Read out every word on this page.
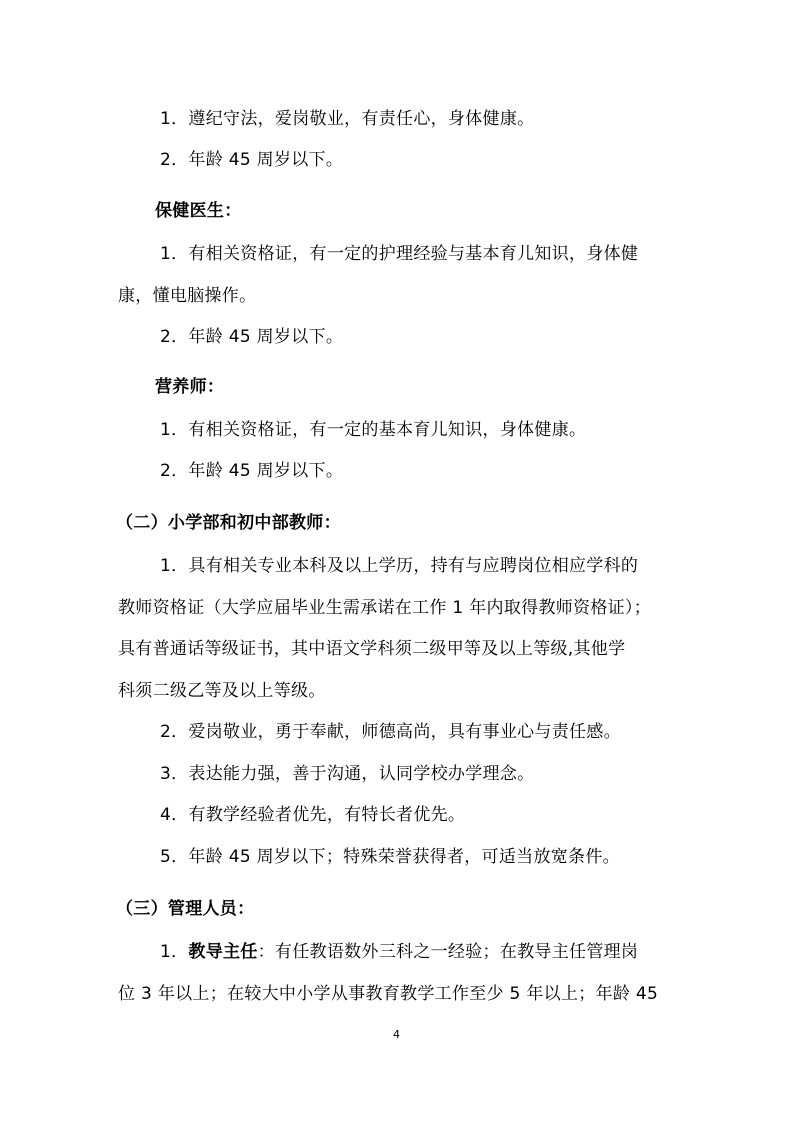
1．遵纪守法，爱岗敬业，有责任心，身体健康。
2．年龄 45 周岁以下。
保健医生：
1．有相关资格证，有一定的护理经验与基本育儿知识，身体健
康，懂电脑操作。
2．年龄 45 周岁以下。
营养师：
1．有相关资格证，有一定的基本育儿知识，身体健康。
2．年龄 45 周岁以下。
（二）小学部和初中部教师：
1．具有相关专业本科及以上学历，持有与应聘岗位相应学科的
教师资格证（大学应届毕业生需承诺在工作 1 年内取得教师资格证）；
具有普通话等级证书，其中语文学科须二级甲等及以上等级,其他学
科须二级乙等及以上等级。
2．爱岗敬业，勇于奉献，师德高尚，具有事业心与责任感。
3．表达能力强，善于沟通，认同学校办学理念。
4．有教学经验者优先，有特长者优先。
5．年龄 45 周岁以下；特殊荣誉获得者，可适当放宽条件。
（三）管理人员：
1．教导主任：有任教语数外三科之一经验；在教导主任管理岗
位 3 年以上；在较大中小学从事教育教学工作至少 5 年以上；年龄 45
4
